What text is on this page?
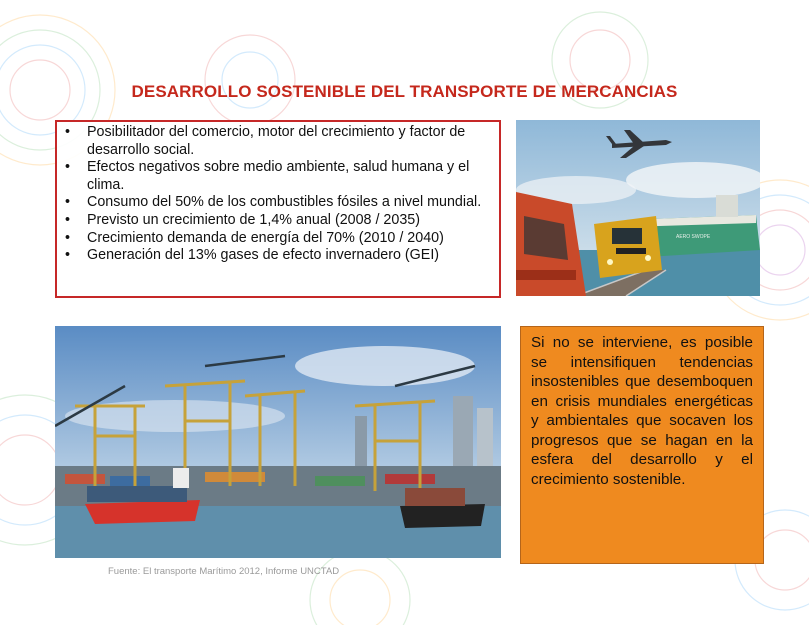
DESARROLLO SOSTENIBLE DEL TRANSPORTE DE MERCANCIAS
• Posibilitador del comercio, motor del crecimiento y factor de desarrollo social.
• Efectos negativos sobre medio ambiente, salud humana y el clima.
• Consumo del 50% de los combustibles fósiles a nivel mundial.
• Previsto un crecimiento de 1,4% anual (2008 / 2035)
• Crecimiento demanda de energía del 70% (2010 / 2040)
• Generación del 13% gases de efecto invernadero (GEI)
AERO SWOPE
Si no se interviene, es posible se intensifiquen tendencias insostenibles que desemboquen en crisis mundiales energéticas y ambientales que socaven los progresos que se hagan en la esfera del desarrollo y el crecimiento sostenible.
Fuente: El transporte Marítimo 2012, Informe UNCTAD
